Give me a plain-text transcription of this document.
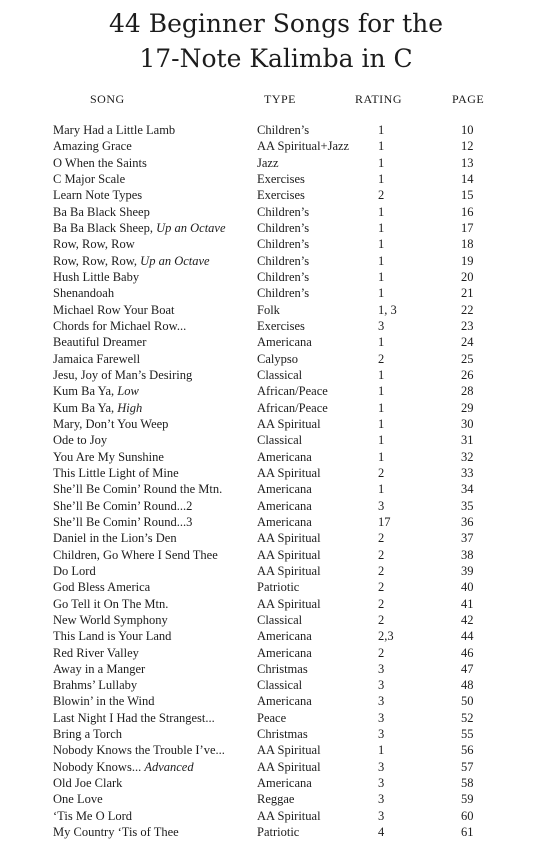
44 Beginner Songs for the
17-Note Kalimba in C
SONG	TYPE	RATING	PAGE
Mary Had a Little Lamb	Children’s	1	10
Amazing Grace	AA Spiritual+Jazz 1	12
O When the Saints	Jazz	1	13
C Major Scale	Exercises	1	14
Learn Note Types	Exercises	2	15
Ba Ba Black Sheep	Children’s	1	16
Ba Ba Black Sheep, Up an Octave	Children’s	1	17
Row, Row, Row	Children’s	1	18
Row, Row, Row, Up an Octave	Children’s	1	19
Hush Little Baby	Children’s	1	20
Shenandoah	Children’s	1	21
Michael Row Your Boat	Folk	1, 3	22
Chords for Michael Row...	Exercises	3	23
Beautiful Dreamer	Americana	1	24
Jamaica Farewell	Calypso	2	25
Jesu, Joy of Man’s Desiring	Classical	1	26
Kum Ba Ya, Low	African/Peace	1	28
Kum Ba Ya, High	African/Peace	1	29
Mary, Don’t You Weep	AA Spiritual	1	30
Ode to Joy	Classical	1	31
You Are My Sunshine	Americana	1	32
This Little Light of Mine	AA Spiritual	2	33
She’ll Be Comin’ Round the Mtn.	Americana	1	34
She’ll Be Comin’ Round...2	Americana	3	35
She’ll Be Comin’ Round...3	Americana	17	36
Daniel in the Lion’s Den	AA Spiritual	2	37
Children, Go Where I Send Thee	AA Spiritual	2	38
Do Lord	AA Spiritual	2	39
God Bless America	Patriotic	2	40
Go Tell it On The Mtn.	AA Spiritual	2	41
New World Symphony	Classical	2	42
This Land is Your Land	Americana	2,3	44
Red River Valley	Americana	2	46
Away in a Manger	Christmas	3	47
Brahms’ Lullaby	Classical	3	48
Blowin’ in the Wind	Americana	3	50
Last Night I Had the Strangest...	Peace	3	52
Bring a Torch	Christmas	3	55
Nobody Knows the Trouble I’ve...	AA Spiritual	1	56
Nobody Knows... Advanced	AA Spiritual	3	57
Old Joe Clark	Americana	3	58
One Love	Reggae	3	59
‘Tis Me O Lord	AA Spiritual	3	60
My Country ‘Tis of Thee	Patriotic	4	61
